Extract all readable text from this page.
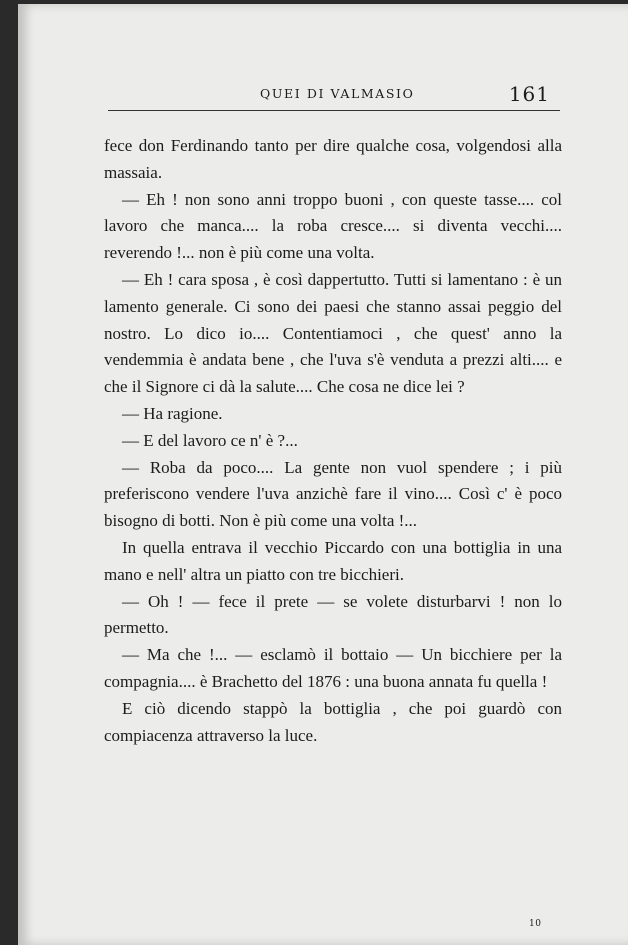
QUEI DI VALMASIO	161

fece don Ferdinando tanto per dire qualche cosa, volgendosi alla massaia.

— Eh ! non sono anni troppo buoni , con queste tasse.... col lavoro che manca.... la roba cresce.... si diventa vecchi.... reverendo !... non è più come una volta.

— Eh ! cara sposa , è così dappertutto. Tutti si lamentano : è un lamento generale. Ci sono dei paesi che stanno assai peggio del nostro. Lo dico io.... Contentiamoci , che quest' anno la vendemmia è andata bene , che l'uva s'è venduta a prezzi alti.... e che il Signore ci dà la salute.... Che cosa ne dice lei ?

— Ha ragione.

— E del lavoro ce n' è ?...

— Roba da poco.... La gente non vuol spendere ; i più preferiscono vendere l'uva anzichè fare il vino.... Così c' è poco bisogno di botti. Non è più come una volta !...

In quella entrava il vecchio Piccardo con una bottiglia in una mano e nell' altra un piatto con tre bicchieri.

— Oh ! — fece il prete — se volete disturbarvi ! non lo permetto.

— Ma che !... — esclamò il bottaio — Un bicchiere per la compagnia.... è Brachetto del 1876 : una buona annata fu quella !

E ciò dicendo stappò la bottiglia , che poi guardò con compiacenza attraverso la luce.

10
